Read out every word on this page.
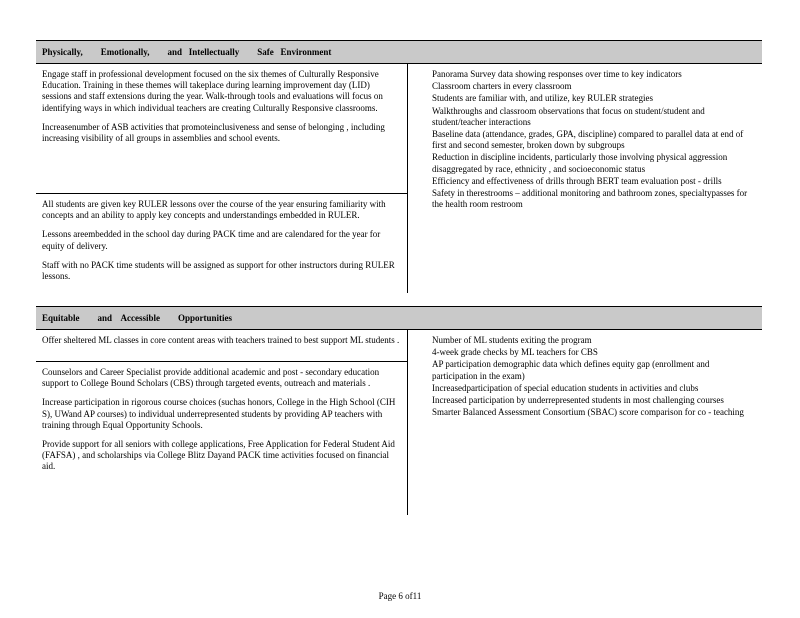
Physically,        Emotionally,        and   Intellectually        Safe   Environment

Engage staff in professional development focused on the six themes of Culturally Responsive Education. Training in these themes will takeplace during learning improvement day (LID) sessions and staff extensions during the year. Walk-through tools and evaluations will focus on identifying ways in which individual teachers are creating Culturally Responsive classrooms.

Increasenumber of ASB activities that promoteinclusiveness and sense of belonging , including increasing visibility of all groups in assemblies and school events.

All students are given key RULER lessons over the course of the year ensuring familiarity with concepts and an ability to apply key concepts and understandings embedded in RULER.

Lessons areembedded in the school day during PACK time and are calendared for the year for equity of delivery.

Staff with no PACK time students will be assigned as support for other instructors during RULER lessons.

Panorama Survey data showing responses over time to key indicators
Classroom charters in every classroom
Students are familiar with, and utilize, key RULER strategies
Walkthroughs and classroom observations that focus on student/student and student/teacher interactions
Baseline data (attendance, grades, GPA, discipline) compared to parallel data at end of first and second semester, broken down by subgroups
Reduction in discipline incidents, particularly those involving physical aggression disaggregated by race, ethnicity , and socioeconomic status
Efficiency and effectiveness of drills through BERT team evaluation post - drills
Safety in therestrooms – additional monitoring and bathroom zones, specialtypasses for the health room restroom
Equitable        and    Accessible        Opportunities

Offer sheltered ML classes in core content areas with teachers trained to best support ML students .

Counselors and Career Specialist provide additional academic and post - secondary education support to College Bound Scholars (CBS) through targeted events, outreach and materials .

Increase participation in rigorous course choices (suchas honors, College in the High School (CIH S), UWand AP courses) to individual underrepresented students by providing AP teachers with training through Equal Opportunity Schools.

Provide support for all seniors with college applications, Free Application for Federal Student Aid (FAFSA) , and scholarships via College Blitz Dayand PACK time activities focused on financial aid.

Number of ML students exiting the program
4-week grade checks by ML teachers for CBS
AP participation demographic data which defines equity gap (enrollment and participation in the exam)
Increasedparticipation of special education students in activities and clubs
Increased participation by underrepresented students in most challenging courses
Smarter Balanced Assessment Consortium (SBAC) score comparison for co - teaching
Page 6 of11
